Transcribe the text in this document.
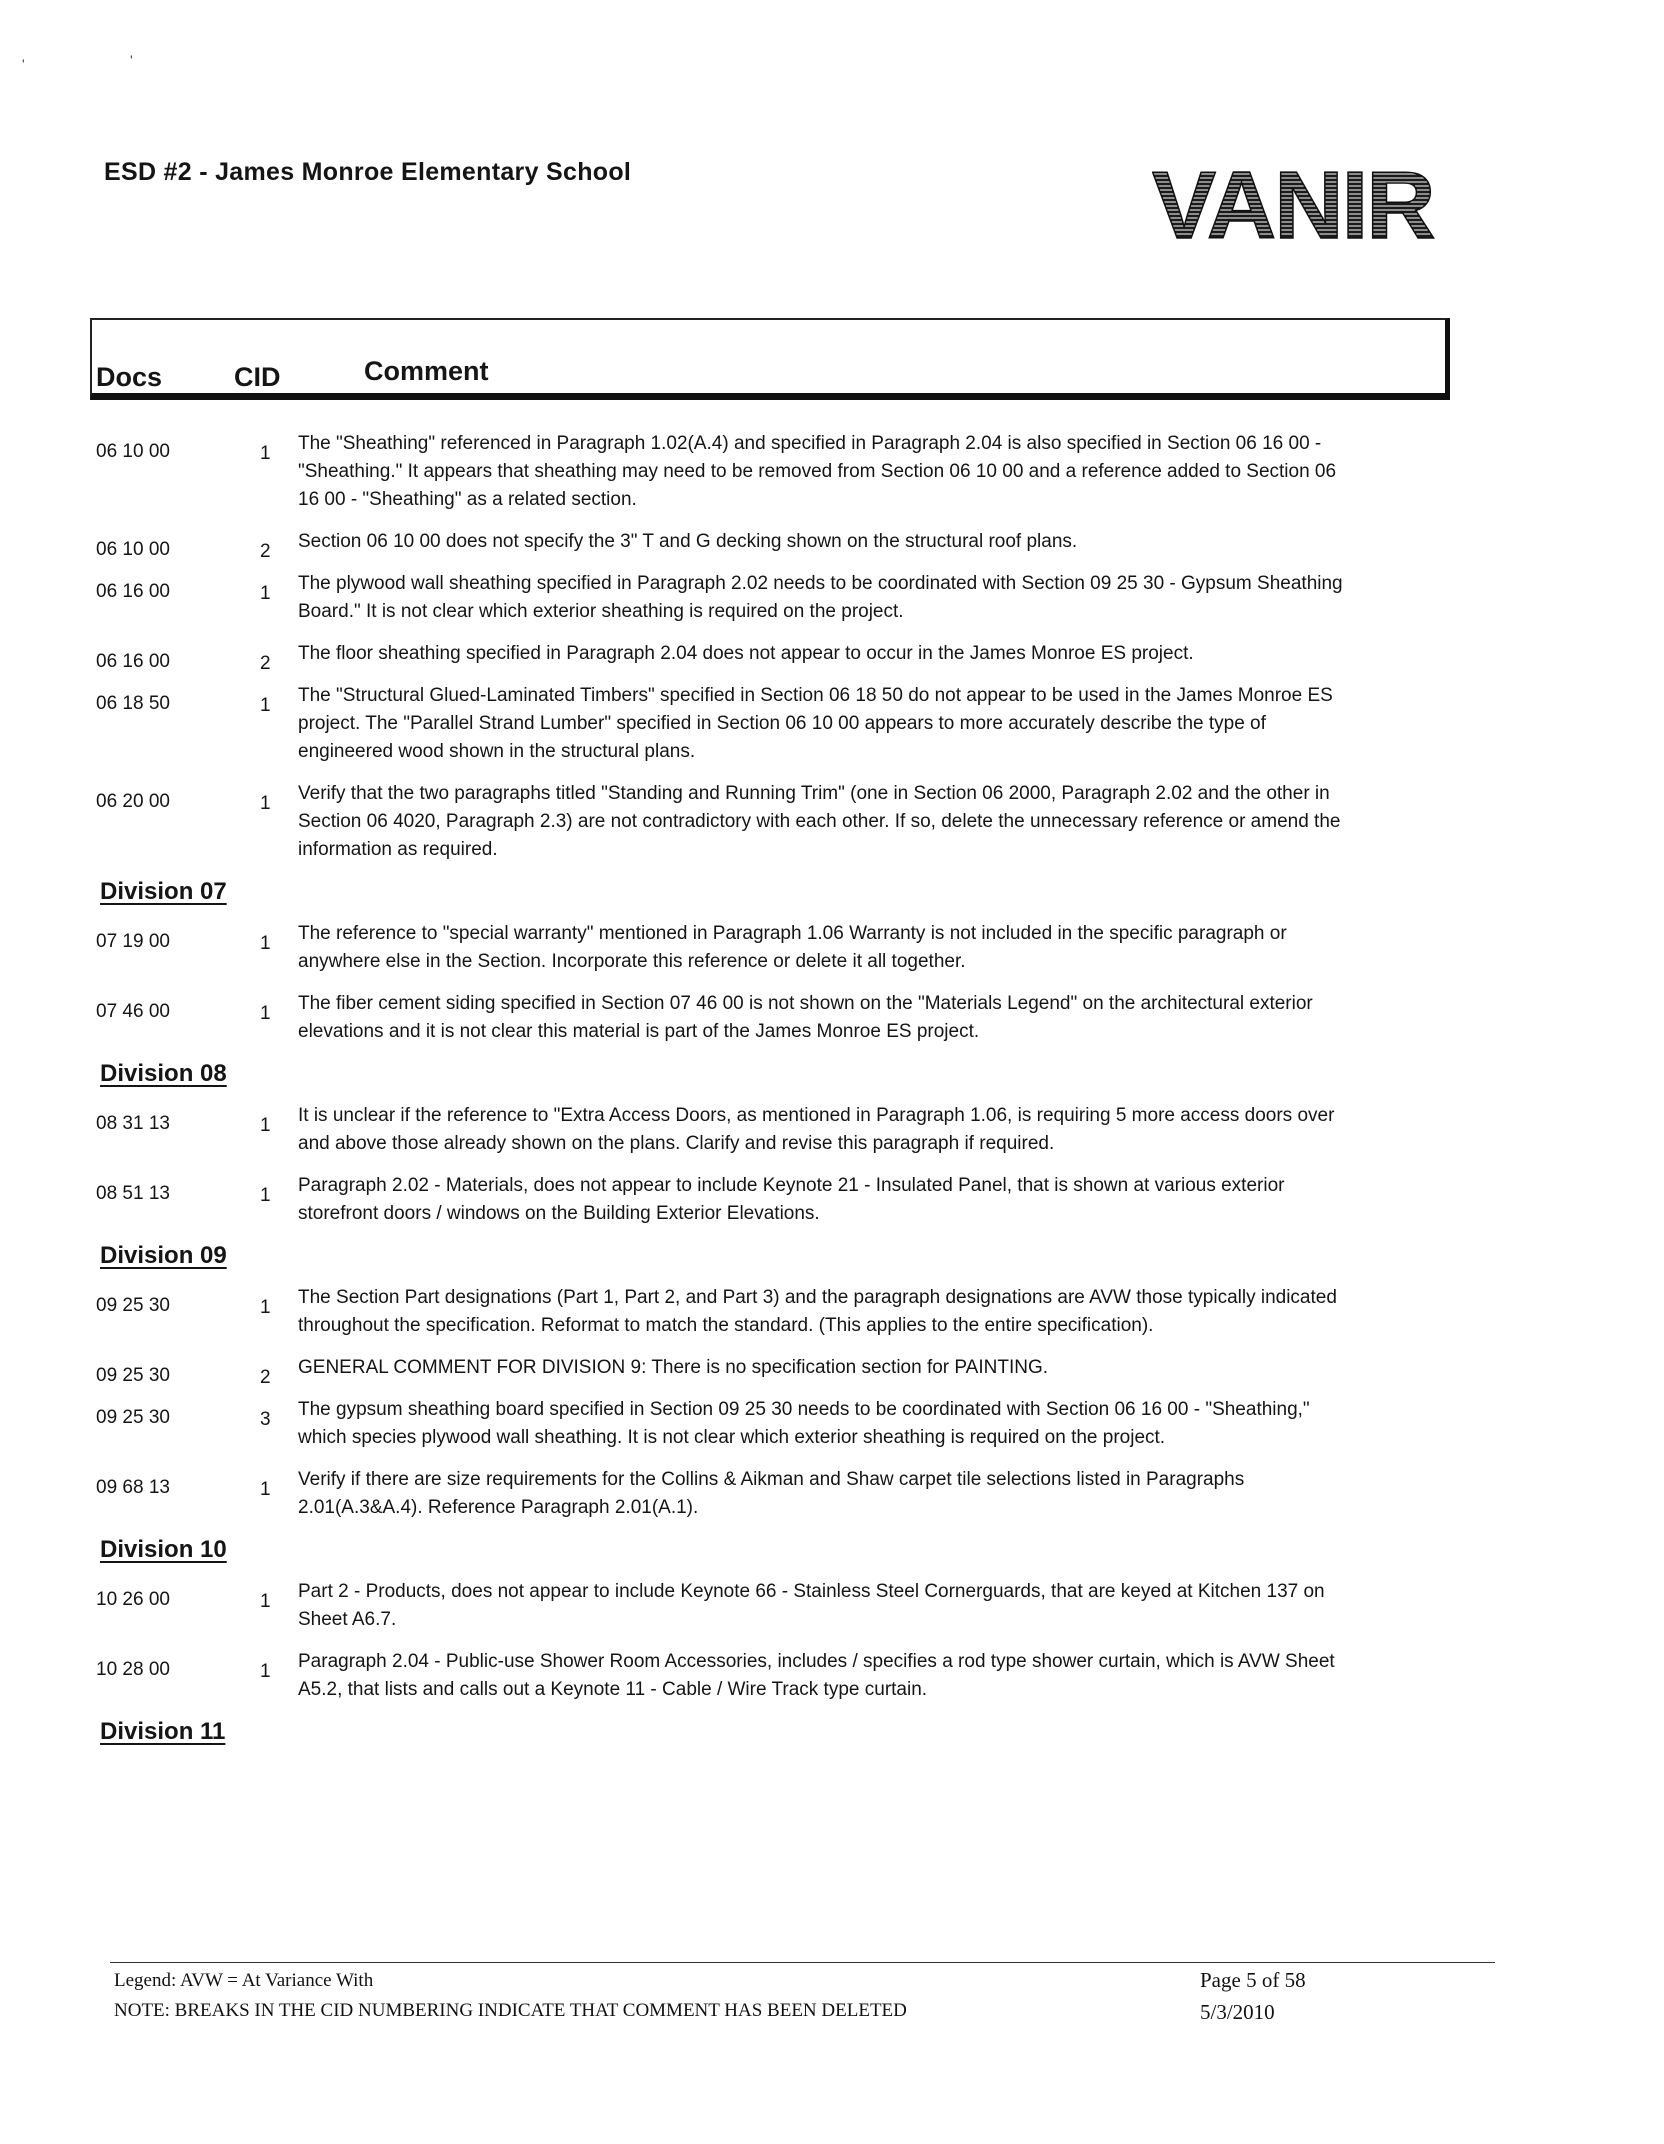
'	'
ESD #2 - James Monroe Elementary School	VANIR
Docs	CID	Comment
06 10 00	1 The "Sheathing" referenced in Paragraph 1.02(A.4) and specified in Paragraph 2.04 is also specified in Section 06 16 00 - "Sheathing." It appears that sheathing may need to be removed from Section 06 10 00 and a reference added to Section 06 16 00 - "Sheathing" as a related section.
06 10 00	2 Section 06 10 00 does not specify the 3" T and G decking shown on the structural roof plans.
06 16 00	1 The plywood wall sheathing specified in Paragraph 2.02 needs to be coordinated with Section 09 25 30 - Gypsum Sheathing Board." It is not clear which exterior sheathing is required on the project.
06 16 00	2 The floor sheathing specified in Paragraph 2.04 does not appear to occur in the James Monroe ES project.
06 18 50	1 The "Structural Glued-Laminated Timbers" specified in Section 06 18 50 do not appear to be used in the James Monroe ES project. The "Parallel Strand Lumber" specified in Section 06 10 00 appears to more accurately describe the type of engineered wood shown in the structural plans.
06 20 00	1 Verify that the two paragraphs titled "Standing and Running Trim" (one in Section 06 2000, Paragraph 2.02 and the other in Section 06 4020, Paragraph 2.3) are not contradictory with each other. If so, delete the unnecessary reference or amend the information as required.
Division 07
07 19 00	1 The reference to "special warranty" mentioned in Paragraph 1.06 Warranty is not included in the specific paragraph or anywhere else in the Section. Incorporate this reference or delete it all together.
07 46 00	1 The fiber cement siding specified in Section 07 46 00 is not shown on the "Materials Legend" on the architectural exterior elevations and it is not clear this material is part of the James Monroe ES project.
Division 08
08 31 13	1 It is unclear if the reference to "Extra Access Doors, as mentioned in Paragraph 1.06, is requiring 5 more access doors over and above those already shown on the plans. Clarify and revise this paragraph if required.
08 51 13	1 Paragraph 2.02 - Materials, does not appear to include Keynote 21 - Insulated Panel, that is shown at various exterior storefront doors / windows on the Building Exterior Elevations.
Division 09
09 25 30	1 The Section Part designations (Part 1, Part 2, and Part 3) and the paragraph designations are AVW those typically indicated throughout the specification. Reformat to match the standard. (This applies to the entire specification).
09 25 30	2 GENERAL COMMENT FOR DIVISION 9: There is no specification section for PAINTING.
09 25 30	3 The gypsum sheathing board specified in Section 09 25 30 needs to be coordinated with Section 06 16 00 - "Sheathing," which species plywood wall sheathing. It is not clear which exterior sheathing is required on the project.
09 68 13	1 Verify if there are size requirements for the Collins & Aikman and Shaw carpet tile selections listed in Paragraphs 2.01(A.3&A.4). Reference Paragraph 2.01(A.1).
Division 10
10 26 00	1 Part 2 - Products, does not appear to include Keynote 66 - Stainless Steel Cornerguards, that are keyed at Kitchen 137 on Sheet A6.7.
10 28 00	1 Paragraph 2.04 - Public-use Shower Room Accessories, includes / specifies a rod type shower curtain, which is AVW Sheet A5.2, that lists and calls out a Keynote 11 - Cable / Wire Track type curtain.
Division 11
Legend: AVW = At Variance With
NOTE: BREAKS IN THE CID NUMBERING INDICATE THAT COMMENT HAS BEEN DELETED
Page 5 of 58
5/3/2010
